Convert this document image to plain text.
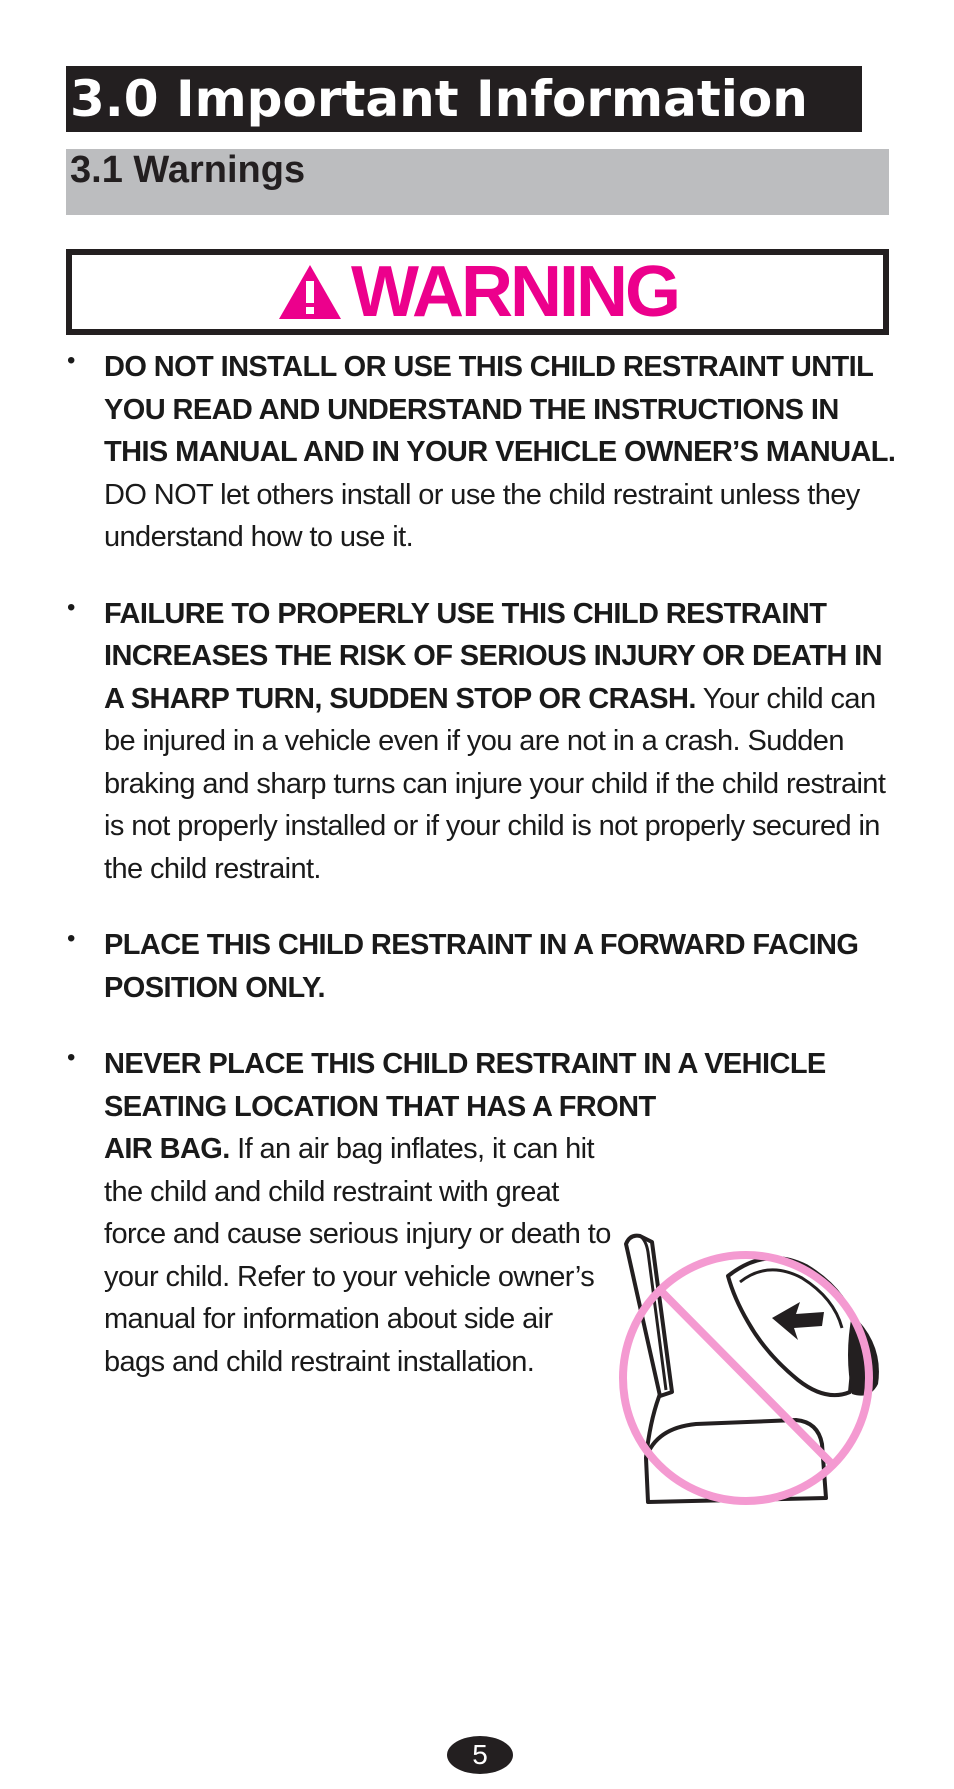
3.0 Important Information
3.1 Warnings
WARNING
• DO NOT INSTALL OR USE THIS CHILD RESTRAINT UNTIL YOU READ AND UNDERSTAND THE INSTRUCTIONS IN THIS MANUAL AND IN YOUR VEHICLE OWNER’S MANUAL. DO NOT let others install or use the child restraint unless they understand how to use it.

• FAILURE TO PROPERLY USE THIS CHILD RESTRAINT INCREASES THE RISK OF SERIOUS INJURY OR DEATH IN A SHARP TURN, SUDDEN STOP OR CRASH. Your child can be injured in a vehicle even if you are not in a crash. Sudden braking and sharp turns can injure your child if the child restraint is not properly installed or if your child is not properly secured in the child restraint.

• PLACE THIS CHILD RESTRAINT IN A FORWARD FACING POSITION ONLY.

• NEVER PLACE THIS CHILD RESTRAINT IN A VEHICLE SEATING LOCATION THAT HAS A FRONT

AIR BAG. If an air bag inflates, it can hit the child and child restraint with great force and cause serious injury or death to your child. Refer to your vehicle owner’s manual for information about side air bags and child restraint installation.

5
